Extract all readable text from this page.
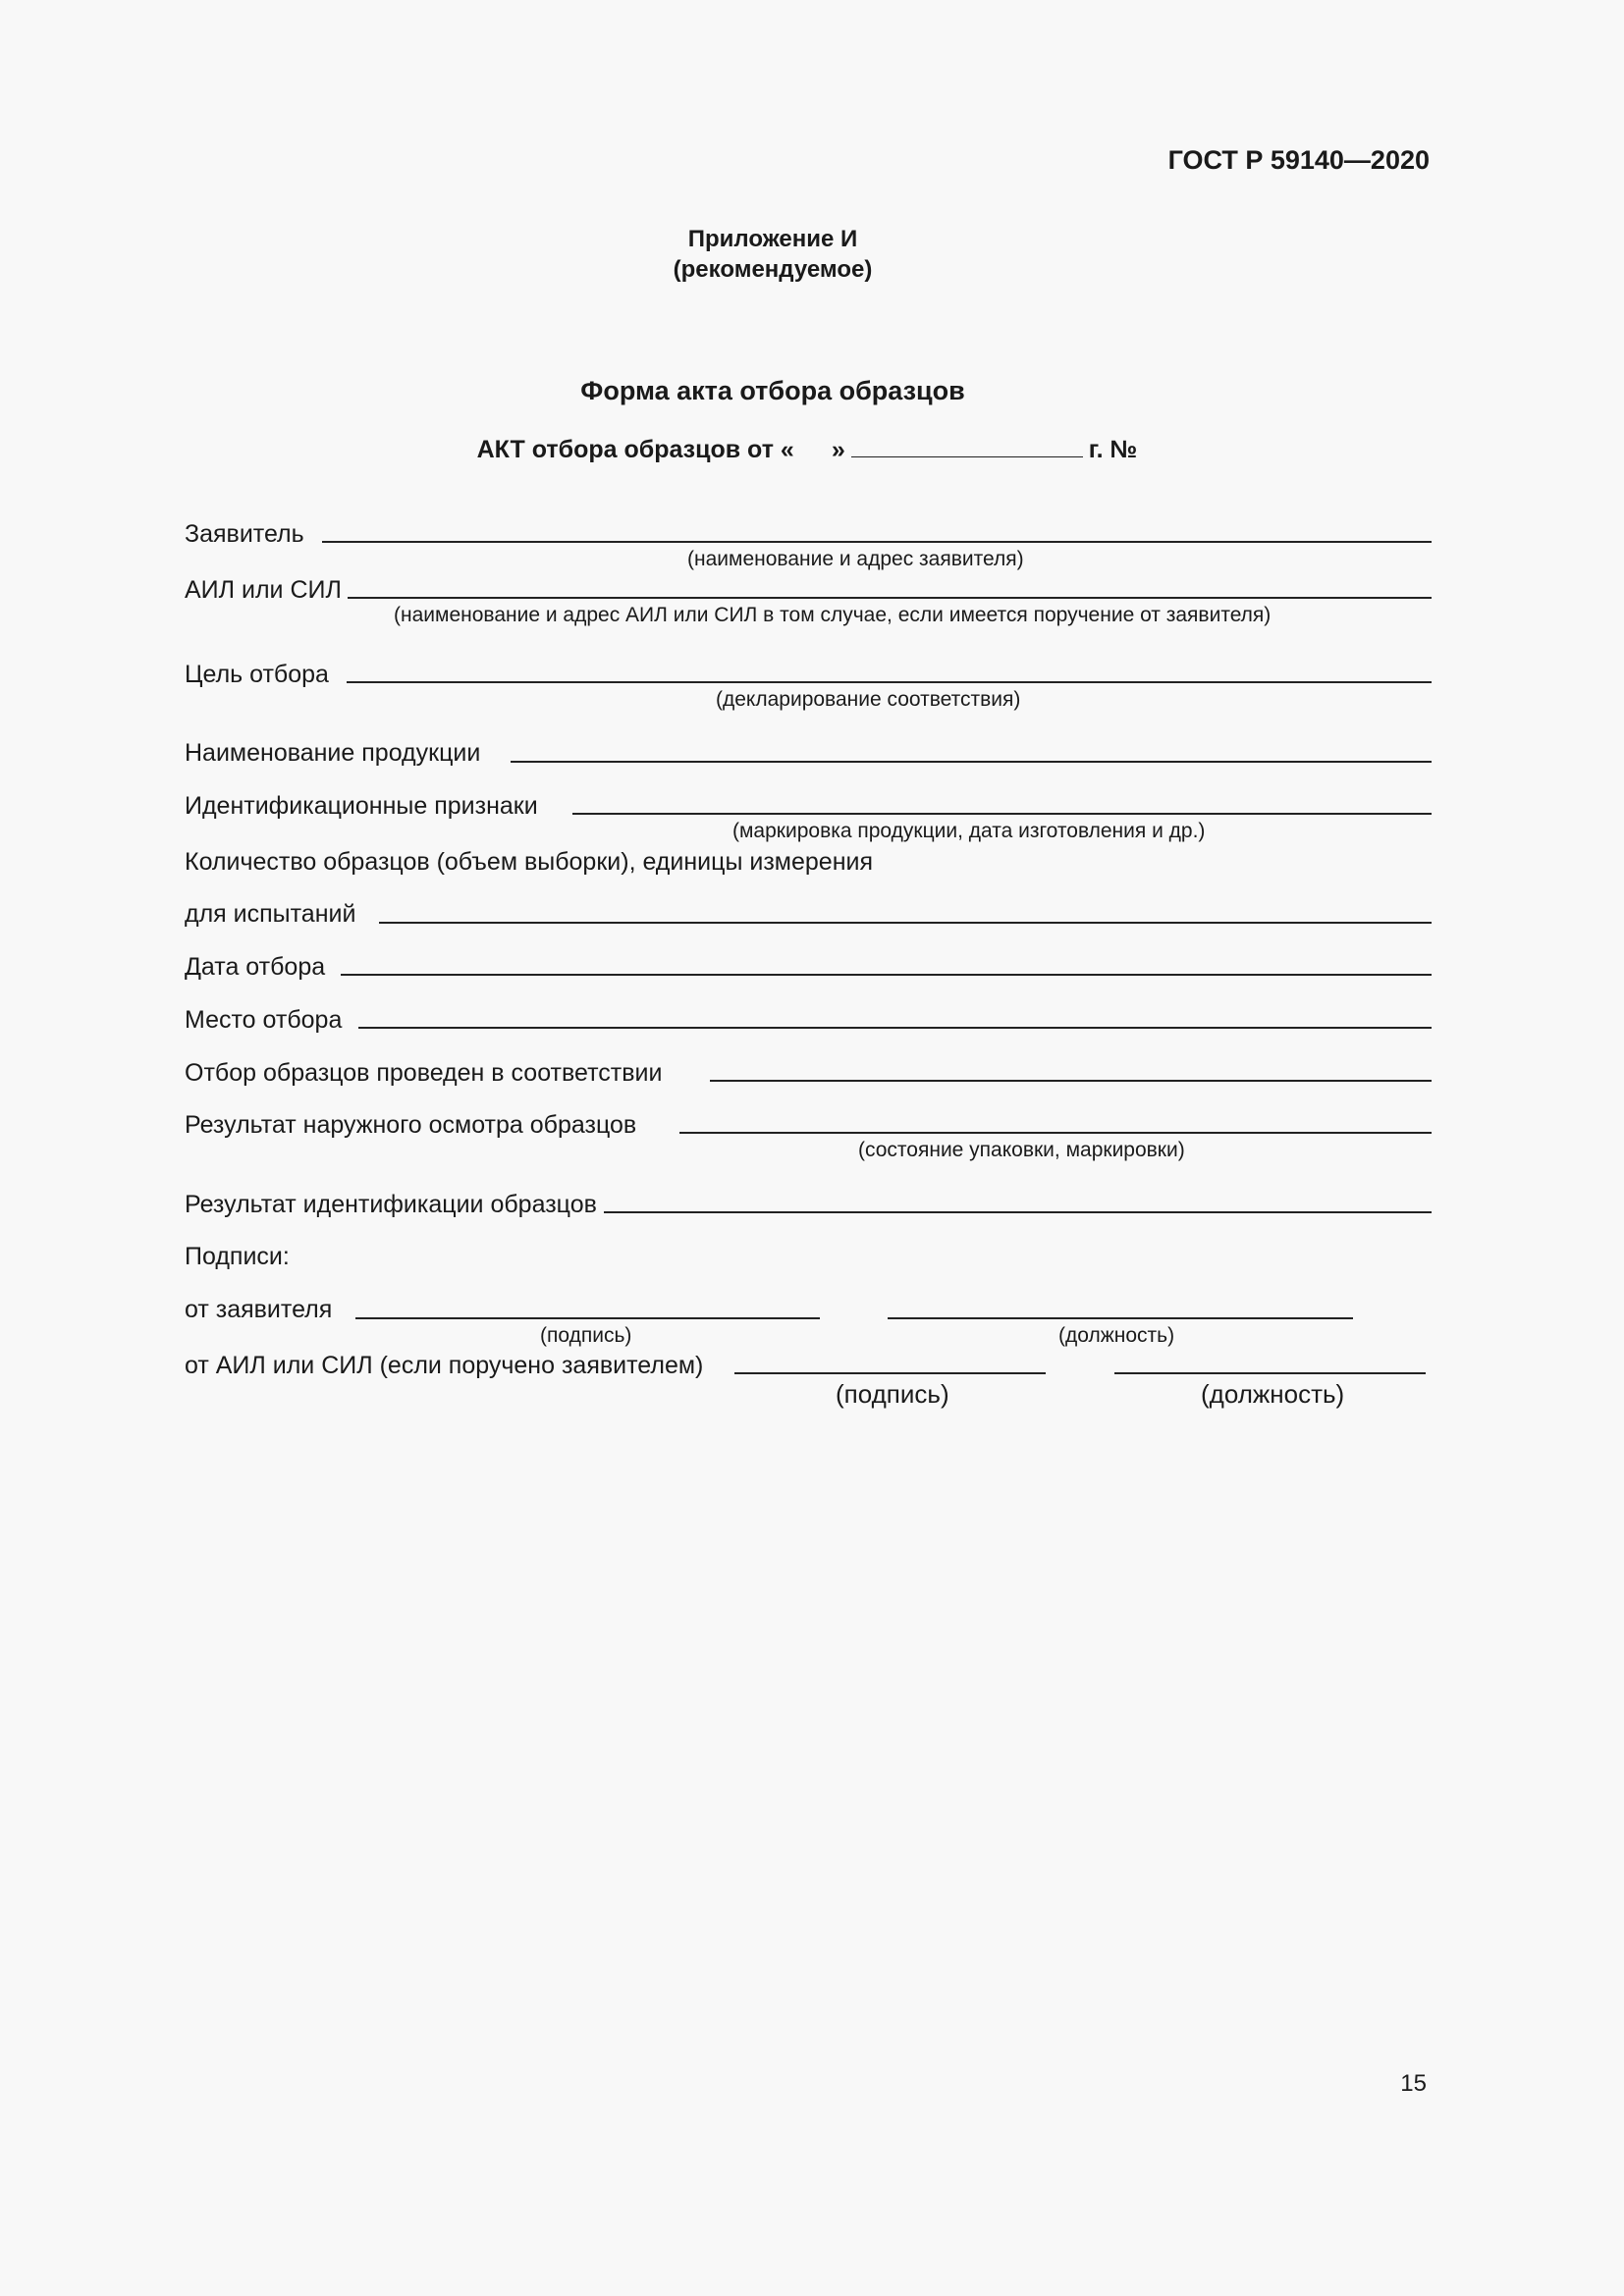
ГОСТ Р 59140—2020
Приложение И
(рекомендуемое)
Форма акта отбора образцов
АКТ отбора образцов от « »	г. №
Заявитель
(наименование и адрес заявителя)
АИЛ или СИЛ
(наименование и адрес АИЛ или СИЛ в том случае, если имеется поручение от заявителя)
Цель отбора
(декларирование соответствия)
Наименование продукции
Идентификационные признаки
(маркировка продукции, дата изготовления и др.)
Количество образцов (объем выборки), единицы измерения
для испытаний
Дата отбора
Место отбора
Отбор образцов проведен в соответствии
Результат наружного осмотра образцов
(состояние упаковки, маркировки)
Результат идентификации образцов
Подписи:
от заявителя
(подпись)	(должность)
от АИЛ или СИЛ (если поручено заявителем)
(подпись)	(должность)
15
